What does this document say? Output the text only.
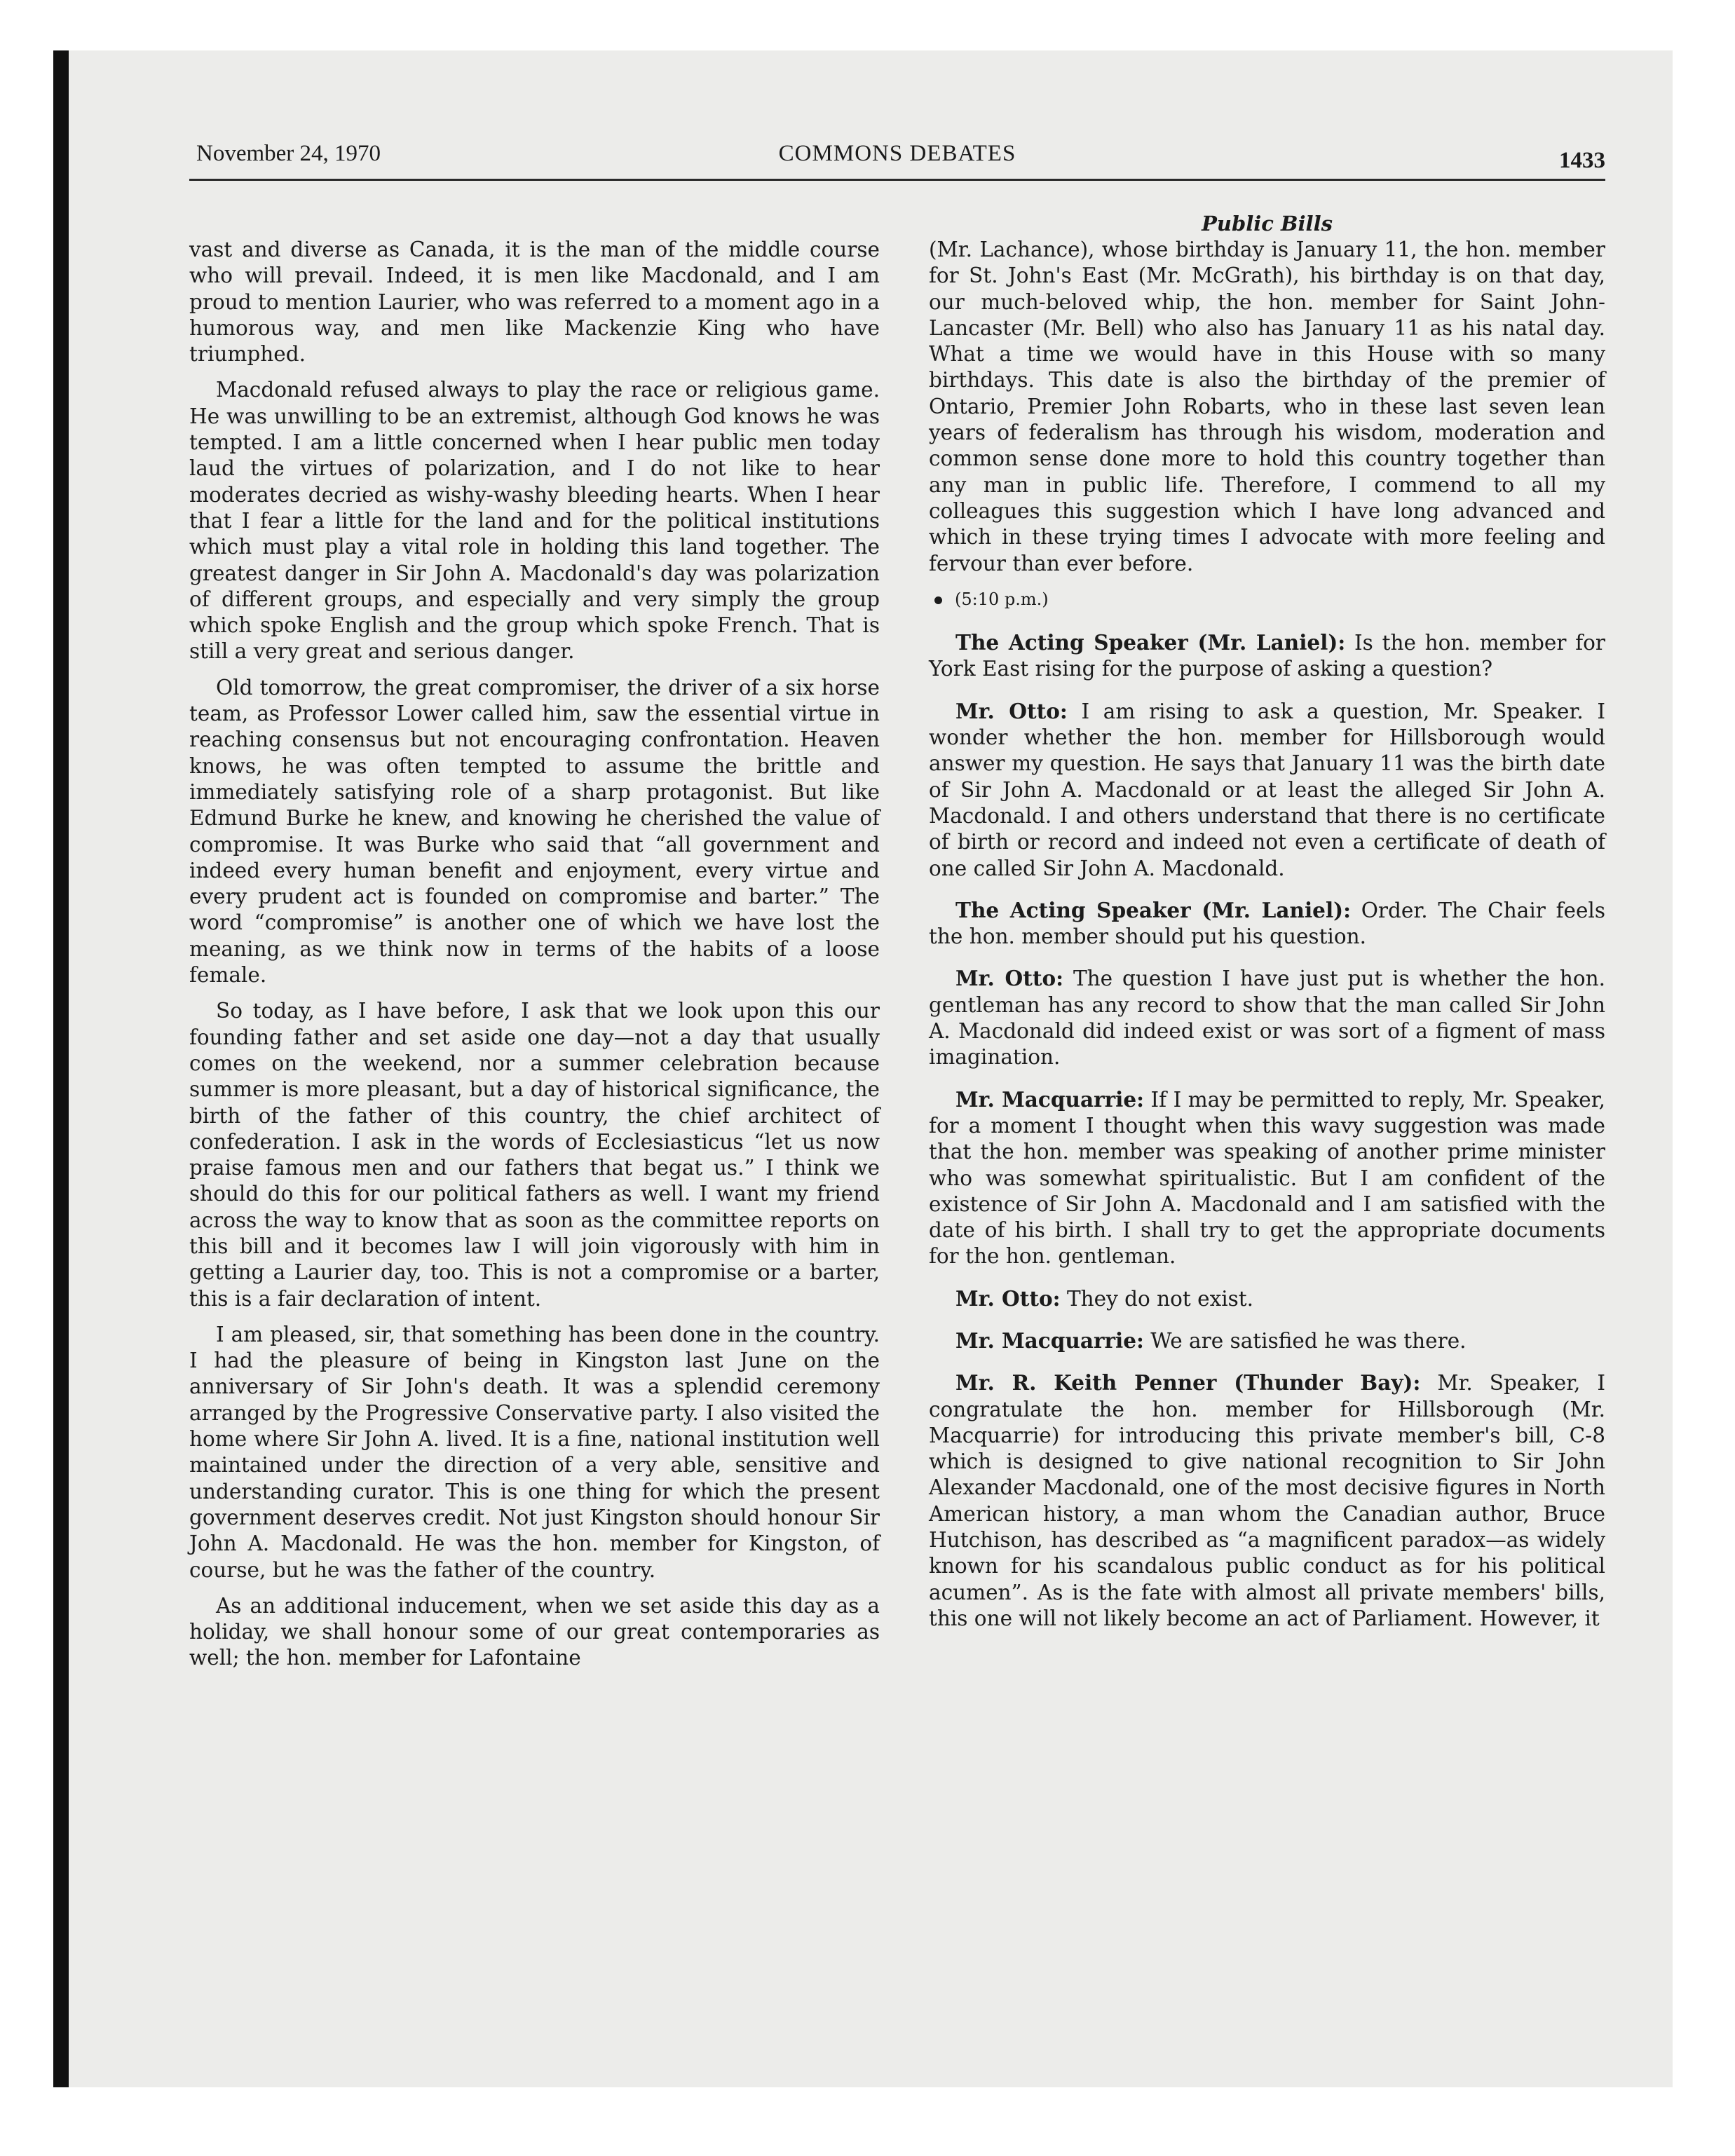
November 24, 1970	COMMONS DEBATES	1433
Public Bills

vast and diverse as Canada, it is the man of the middle course who will prevail. Indeed, it is men like Macdonald, and I am proud to mention Laurier, who was referred to a moment ago in a humorous way, and men like Mackenzie King who have triumphed.

Macdonald refused always to play the race or religious game. He was unwilling to be an extremist, although God knows he was tempted. I am a little concerned when I hear public men today laud the virtues of polarization, and I do not like to hear moderates decried as wishy-washy bleeding hearts. When I hear that I fear a little for the land and for the political institutions which must play a vital role in holding this land together. The greatest danger in Sir John A. Macdonald's day was polarization of different groups, and especially and very simply the group which spoke English and the group which spoke French. That is still a very great and serious danger.

Old tomorrow, the great compromiser, the driver of a six horse team, as Professor Lower called him, saw the essential virtue in reaching consensus but not encouraging confrontation. Heaven knows, he was often tempted to assume the brittle and immediately satisfying role of a sharp protagonist. But like Edmund Burke he knew, and knowing he cherished the value of compromise. It was Burke who said that “all government and indeed every human benefit and enjoyment, every virtue and every prudent act is founded on compromise and barter.” The word “compromise” is another one of which we have lost the meaning, as we think now in terms of the habits of a loose female.

So today, as I have before, I ask that we look upon this our founding father and set aside one day—not a day that usually comes on the weekend, nor a summer celebration because summer is more pleasant, but a day of historical significance, the birth of the father of this country, the chief architect of confederation. I ask in the words of Ecclesiasticus “let us now praise famous men and our fathers that begat us.” I think we should do this for our political fathers as well. I want my friend across the way to know that as soon as the committee reports on this bill and it becomes law I will join vigorously with him in getting a Laurier day, too. This is not a compromise or a barter, this is a fair declaration of intent.

I am pleased, sir, that something has been done in the country. I had the pleasure of being in Kingston last June on the anniversary of Sir John's death. It was a splendid ceremony arranged by the Progressive Conservative party. I also visited the home where Sir John A. lived. It is a fine, national institution well maintained under the direction of a very able, sensitive and understanding curator. This is one thing for which the present government deserves credit. Not just Kingston should honour Sir John A. Macdonald. He was the hon. member for Kingston, of course, but he was the father of the country.

As an additional inducement, when we set aside this day as a holiday, we shall honour some of our great contemporaries as well; the hon. member for Lafontaine

(Mr. Lachance), whose birthday is January 11, the hon. member for St. John's East (Mr. McGrath), his birthday is on that day, our much-beloved whip, the hon. member for Saint John-Lancaster (Mr. Bell) who also has January 11 as his natal day. What a time we would have in this House with so many birthdays. This date is also the birthday of the premier of Ontario, Premier John Robarts, who in these last seven lean years of federalism has through his wisdom, moderation and common sense done more to hold this country together than any man in public life. Therefore, I commend to all my colleagues this suggestion which I have long advanced and which in these trying times I advocate with more feeling and fervour than ever before.

(5:10 p.m.)

The Acting Speaker (Mr. Laniel): Is the hon. member for York East rising for the purpose of asking a question?

Mr. Otto: I am rising to ask a question, Mr. Speaker. I wonder whether the hon. member for Hillsborough would answer my question. He says that January 11 was the birth date of Sir John A. Macdonald or at least the alleged Sir John A. Macdonald. I and others understand that there is no certificate of birth or record and indeed not even a certificate of death of one called Sir John A. Macdonald.

The Acting Speaker (Mr. Laniel): Order. The Chair feels the hon. member should put his question.

Mr. Otto: The question I have just put is whether the hon. gentleman has any record to show that the man called Sir John A. Macdonald did indeed exist or was sort of a figment of mass imagination.

Mr. Macquarrie: If I may be permitted to reply, Mr. Speaker, for a moment I thought when this wavy suggestion was made that the hon. member was speaking of another prime minister who was somewhat spiritualistic. But I am confident of the existence of Sir John A. Macdonald and I am satisfied with the date of his birth. I shall try to get the appropriate documents for the hon. gentleman.

Mr. Otto: They do not exist.

Mr. Macquarrie: We are satisfied he was there.

Mr. R. Keith Penner (Thunder Bay): Mr. Speaker, I congratulate the hon. member for Hillsborough (Mr. Macquarrie) for introducing this private member's bill, C-8 which is designed to give national recognition to Sir John Alexander Macdonald, one of the most decisive figures in North American history, a man whom the Canadian author, Bruce Hutchison, has described as “a magnificent paradox—as widely known for his scandalous public conduct as for his political acumen”. As is the fate with almost all private members' bills, this one will not likely become an act of Parliament. However, it
